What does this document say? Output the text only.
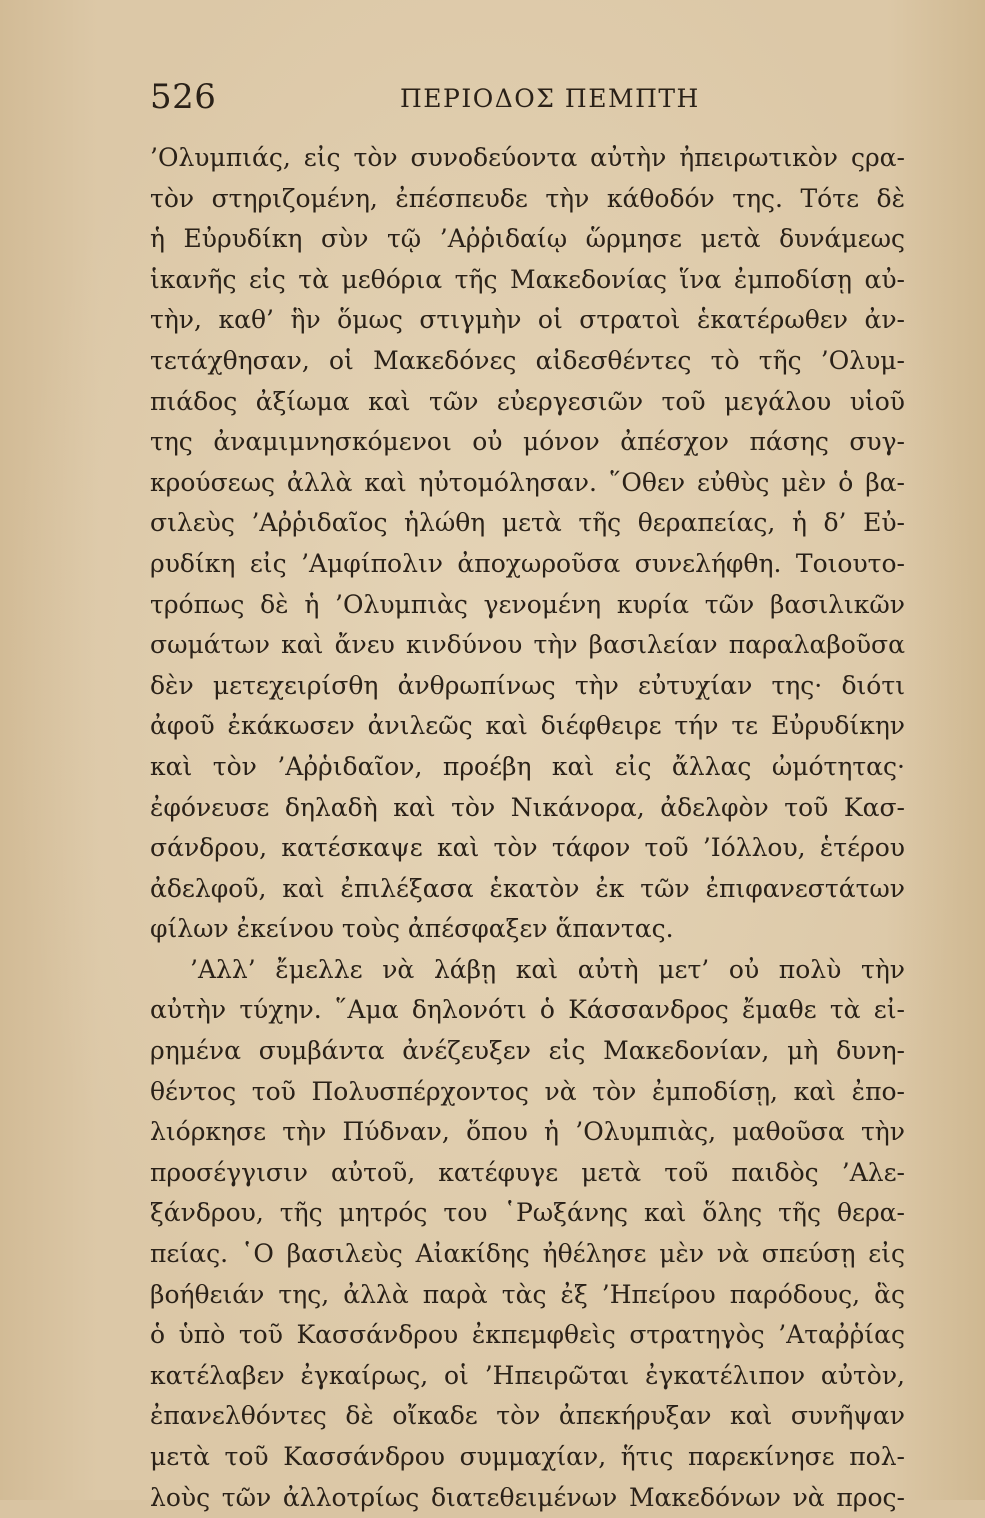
526	ΠΕΡΙΟΔΟΣ ΠΕΜΠΤΗ
’Ολυμπιάς, εἰς τὸν συνοδεύοντα αὐτὴν ἠπειρωτικὸν ςρα-
τὸν στηριζομένη, ἐπέσπευδε τὴν κάθοδόν της. Τότε δὲ
ἡ Εὐρυδίκη σὺν τῷ ’Αῤῥιδαίῳ ὥρμησε μετὰ δυνάμεως
ἱκανῆς εἰς τὰ μεθόρια τῆς Μακεδονίας ἵνα ἐμποδίσῃ αὐ-
τὴν, καθ’ ἣν ὅμως στιγμὴν οἱ στρατοὶ ἑκατέρωθεν ἀν-
τετάχθησαν, οἱ Μακεδόνες αἰδεσθέντες τὸ τῆς ’Ολυμ-
πιάδος ἀξίωμα καὶ τῶν εὐεργεσιῶν τοῦ μεγάλου υἱοῦ
της ἀναμιμνησκόμενοι οὐ μόνον ἀπέσχον πάσης συγ-
κρούσεως ἀλλὰ καὶ ηὐτομόλησαν. ῞Οθεν εὐθὺς μὲν ὁ βα-
σιλεὺς ’Αῤῥιδαῖος ἡλώθη μετὰ τῆς θεραπείας, ἡ δ’ Εὐ-
ρυδίκη εἰς ’Αμφίπολιν ἀποχωροῦσα συνελήφθη. Τοιουτο-
τρόπως δὲ ἡ ’Ολυμπιὰς γενομένη κυρία τῶν βασιλικῶν
σωμάτων καὶ ἄνευ κινδύνου τὴν βασιλείαν παραλαβοῦσα
δὲν μετεχειρίσθη ἀνθρωπίνως τὴν εὐτυχίαν της· διότι
ἀφοῦ ἐκάκωσεν ἀνιλεῶς καὶ διέφθειρε τήν τε Εὐρυδίκην
καὶ τὸν ’Αῤῥιδαῖον, προέβη καὶ εἰς ἄλλας ὠμότητας·
ἐφόνευσε δηλαδὴ καὶ τὸν Νικάνορα, ἀδελφὸν τοῦ Κασ-
σάνδρου, κατέσκαψε καὶ τὸν τάφον τοῦ ’Ιόλλου, ἑτέρου
ἀδελφοῦ, καὶ ἐπιλέξασα ἑκατὸν ἐκ τῶν ἐπιφανεστάτων
φίλων ἐκείνου τοὺς ἀπέσφαξεν ἅπαντας.
’Αλλ’ ἔμελλε νὰ λάβῃ καὶ αὐτὴ μετ’ οὐ πολὺ τὴν
αὐτὴν τύχην. ῞Αμα δηλονότι ὁ Κάσσανδρος ἔμαθε τὰ εἰ-
ρημένα συμβάντα ἀνέζευξεν εἰς Μακεδονίαν, μὴ δυνη-
θέντος τοῦ Πολυσπέρχοντος νὰ τὸν ἐμποδίσῃ, καὶ ἐπο-
λιόρκησε τὴν Πύδναν, ὅπου ἡ ’Ολυμπιὰς, μαθοῦσα τὴν
προσέγγισιν αὐτοῦ, κατέφυγε μετὰ τοῦ παιδὸς ’Αλε-
ξάνδρου, τῆς μητρός του ῾Ρωξάνης καὶ ὅλης τῆς θερα-
πείας. ῾Ο βασιλεὺς Αἰακίδης ἠθέλησε μὲν νὰ σπεύσῃ εἰς
βοήθειάν της, ἀλλὰ παρὰ τὰς ἐξ ’Ηπείρου παρόδους, ἃς
ὁ ὑπὸ τοῦ Κασσάνδρου ἐκπεμφθεὶς στρατηγὸς ’Αταῤῥίας
κατέλαβεν ἐγκαίρως, οἱ ’Ηπειρῶται ἐγκατέλιπον αὐτὸν,
ἐπανελθόντες δὲ οἴκαδε τὸν ἀπεκήρυξαν καὶ συνῆψαν
μετὰ τοῦ Κασσάνδρου συμμαχίαν, ἥτις παρεκίνησε πολ-
λοὺς τῶν ἀλλοτρίως διατεθειμένων Μακεδόνων νὰ προς-
